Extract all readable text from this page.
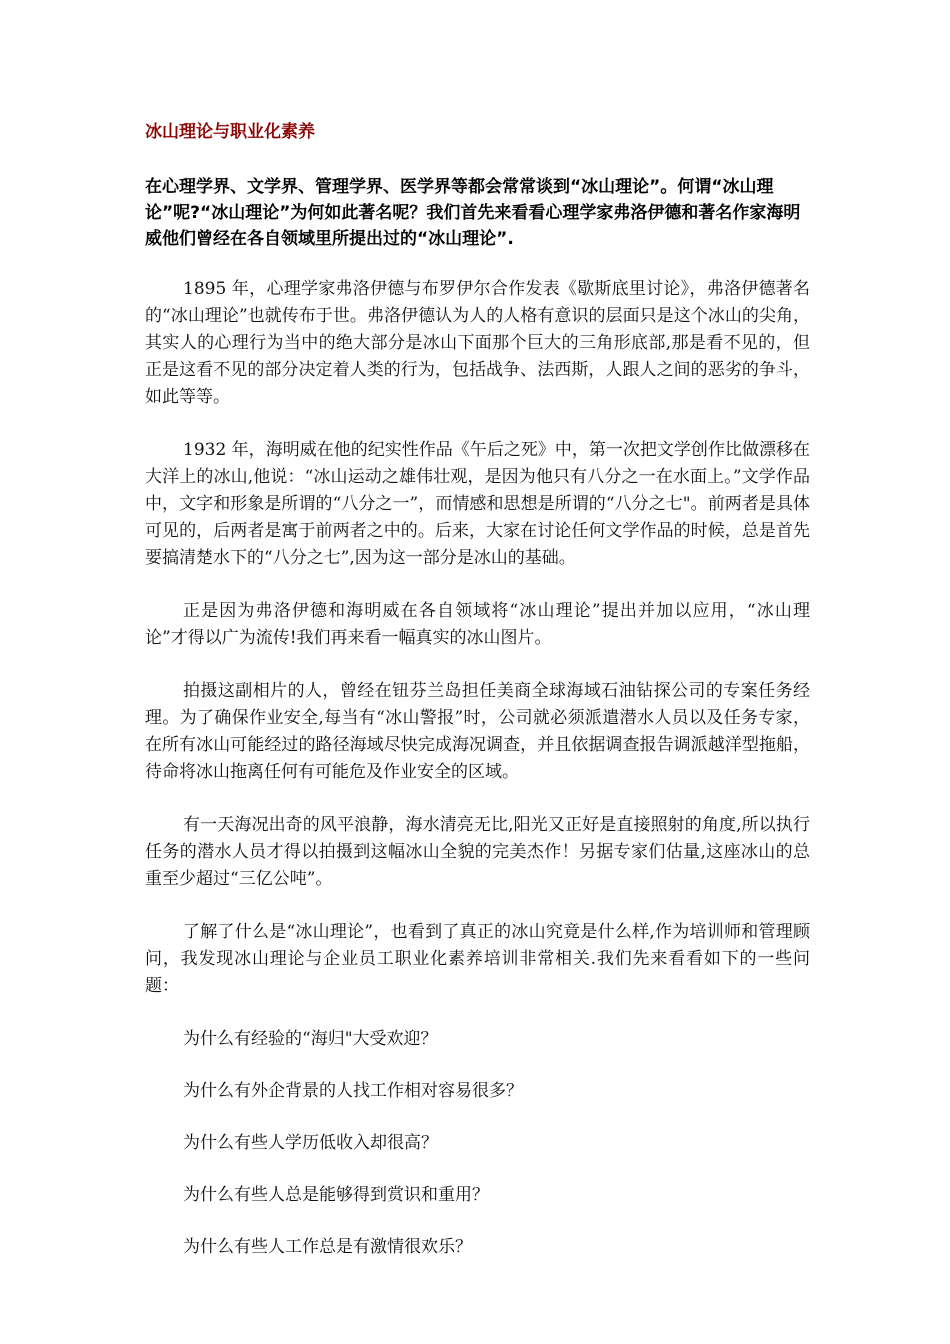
冰山理论与职业化素养

在心理学界、文学界、管理学界、医学界等都会常常谈到“冰山理论”。何谓“冰山理论”呢?“冰山理论”为何如此著名呢？我们首先来看看心理学家弗洛伊德和著名作家海明威他们曾经在各自领域里所提出过的“冰山理论”.

1895 年，心理学家弗洛伊德与布罗伊尔合作发表《歇斯底里讨论》，弗洛伊德著名的“冰山理论”也就传布于世。弗洛伊德认为人的人格有意识的层面只是这个冰山的尖角，其实人的心理行为当中的绝大部分是冰山下面那个巨大的三角形底部,那是看不见的，但正是这看不见的部分决定着人类的行为，包括战争、法西斯，人跟人之间的恶劣的争斗，如此等等。

1932 年，海明威在他的纪实性作品《午后之死》中，第一次把文学创作比做漂移在大洋上的冰山,他说：“冰山运动之雄伟壮观，是因为他只有八分之一在水面上。”文学作品中，文字和形象是所谓的“八分之一”，而情感和思想是所谓的“八分之七"。前两者是具体可见的，后两者是寓于前两者之中的。后来，大家在讨论任何文学作品的时候，总是首先要搞清楚水下的“八分之七”,因为这一部分是冰山的基础。

正是因为弗洛伊德和海明威在各自领域将“冰山理论”提出并加以应用，“冰山理论”才得以广为流传!我们再来看一幅真实的冰山图片。

拍摄这副相片的人，曾经在钮芬兰岛担任美商全球海域石油钻探公司的专案任务经理。为了确保作业安全,每当有“冰山警报”时，公司就必须派遣潜水人员以及任务专家，在所有冰山可能经过的路径海域尽快完成海况调查，并且依据调查报告调派越洋型拖船，待命将冰山拖离任何有可能危及作业安全的区域。

有一天海况出奇的风平浪静，海水清亮无比,阳光又正好是直接照射的角度,所以执行任务的潜水人员才得以拍摄到这幅冰山全貌的完美杰作！另据专家们估量,这座冰山的总重至少超过“三亿公吨”。

了解了什么是“冰山理论”，也看到了真正的冰山究竟是什么样,作为培训师和管理顾问，我发现冰山理论与企业员工职业化素养培训非常相关.我们先来看看如下的一些问题：

为什么有经验的“海归"大受欢迎？

为什么有外企背景的人找工作相对容易很多？

为什么有些人学历低收入却很高？

为什么有些人总是能够得到赏识和重用？

为什么有些人工作总是有激情很欢乐？
